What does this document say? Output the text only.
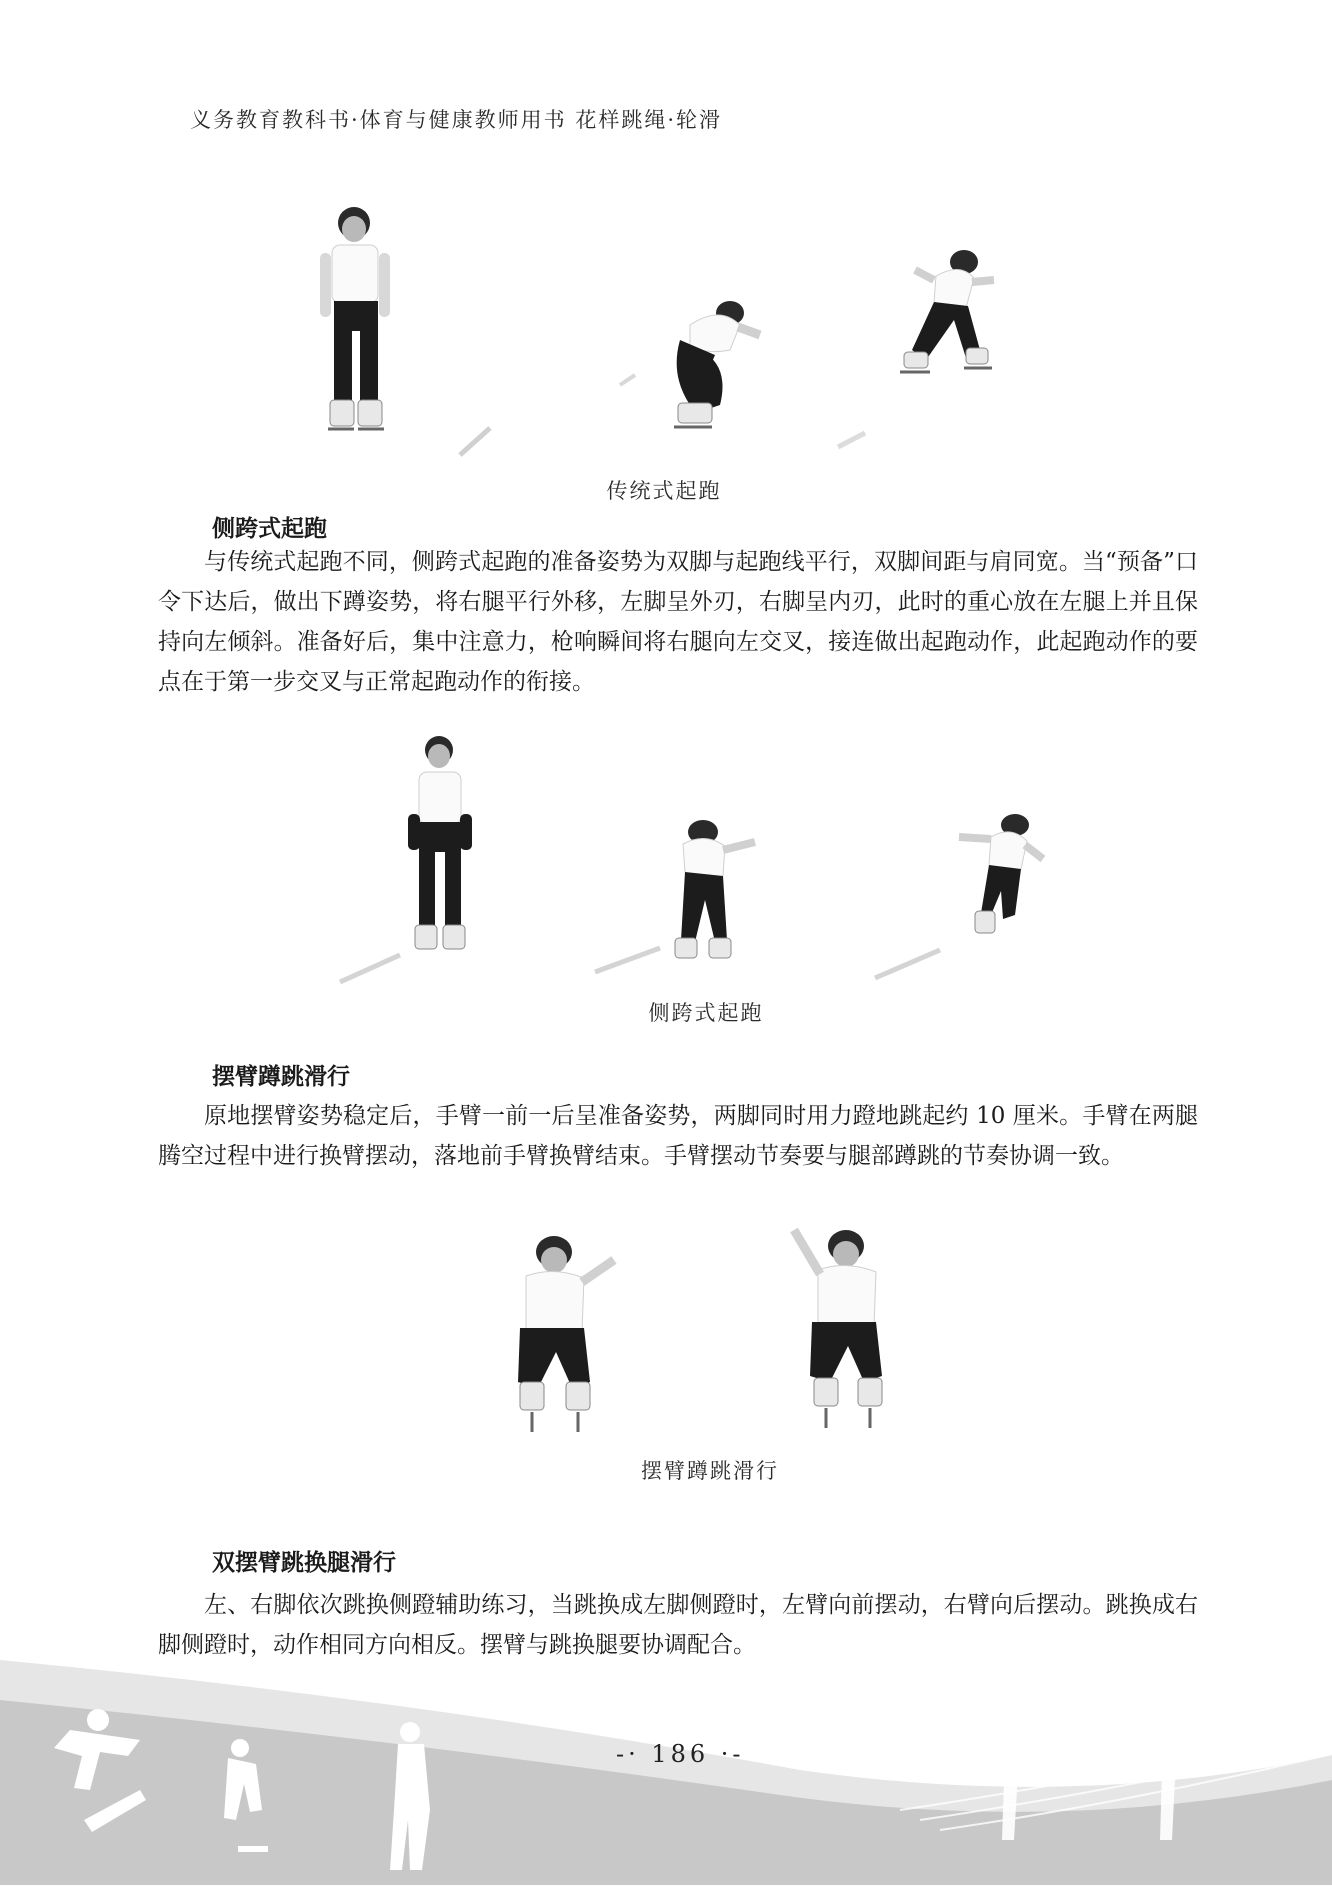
义务教育教科书·体育与健康教师用书 花样跳绳·轮滑
传统式起跑
侧跨式起跑

与传统式起跑不同，侧跨式起跑的准备姿势为双脚与起跑线平行，双脚间距与肩同宽。当“预备”口令下达后，做出下蹲姿势，将右腿平行外移，左脚呈外刃，右脚呈内刃，此时的重心放在左腿上并且保持向左倾斜。准备好后，集中注意力，枪响瞬间将右腿向左交叉，接连做出起跑动作，此起跑动作的要点在于第一步交叉与正常起跑动作的衔接。

侧跨式起跑
摆臂蹲跳滑行

原地摆臂姿势稳定后，手臂一前一后呈准备姿势，两脚同时用力蹬地跳起约 10 厘米。手臂在两腿腾空过程中进行换臂摆动，落地前手臂换臂结束。手臂摆动节奏要与腿部蹲跳的节奏协调一致。

摆臂蹲跳滑行
双摆臂跳换腿滑行

左、右脚依次跳换侧蹬辅助练习，当跳换成左脚侧蹬时，左臂向前摆动，右臂向后摆动。跳换成右脚侧蹬时，动作相同方向相反。摆臂与跳换腿要协调配合。

-· 186 ·-
